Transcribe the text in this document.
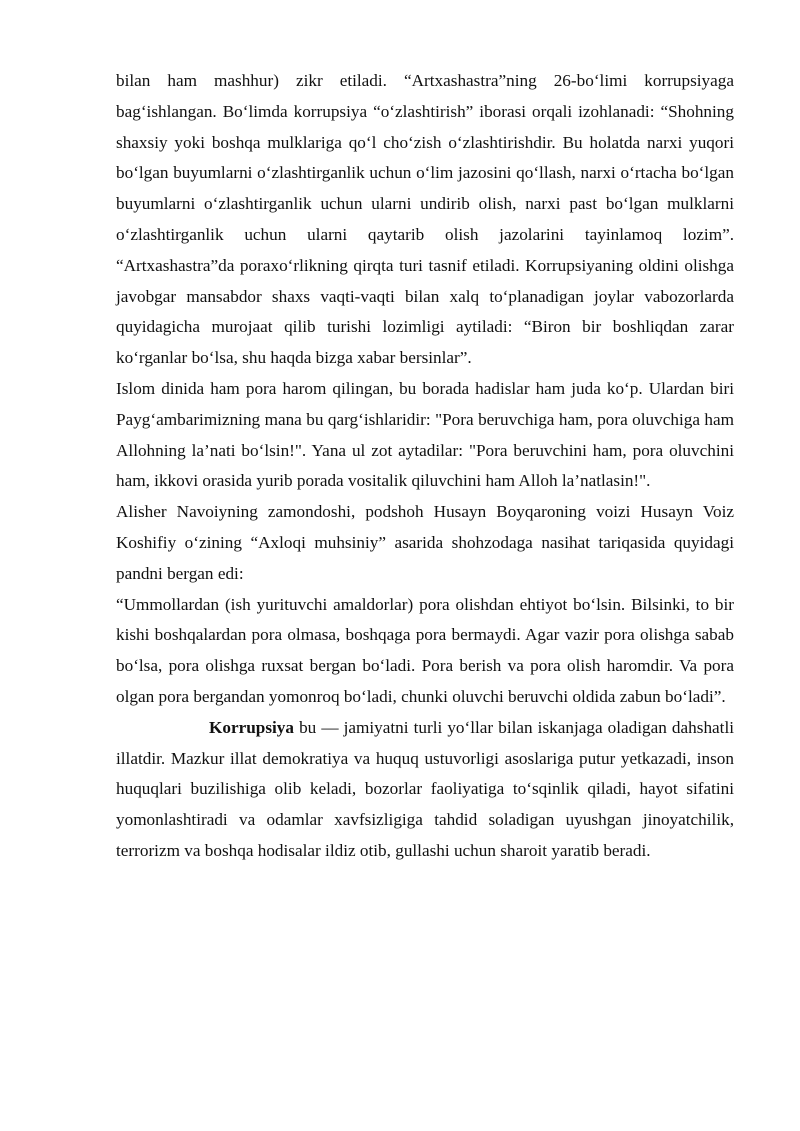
bilan ham mashhur) zikr etiladi. “Artxashastra”ning 26-bo‘limi korrupsiyaga bag‘ishlangan. Bo‘limda korrupsiya “o‘zlashtirish” iborasi orqali izohlanadi: “Shohning shaxsiy yoki boshqa mulklariga qo‘l cho‘zish o‘zlashtirishdir. Bu holatda narxi yuqori bo‘lgan buyumlarni o‘zlashtirganlik uchun o‘lim jazosini qo‘llash, narxi o‘rtacha bo‘lgan buyumlarni o‘zlashtirganlik uchun ularni undirib olish, narxi past bo‘lgan mulklarni o‘zlashtirganlik uchun ularni qaytarib olish jazolarini tayinlamoq lozim”. “Artxashastra”da poraxo‘rlikning qirqta turi tasnif etiladi. Korrupsiyaning oldini olishga javobgar mansabdor shaxs vaqti-vaqti bilan xalq to‘planadigan joylar vabozorlarda quyidagicha murojaat qilib turishi lozimligi aytiladi: “Biron bir boshliqdan zarar ko‘rganlar bo‘lsa, shu haqda bizga xabar bersinlar”.

Islom dinida ham pora harom qilingan, bu borada hadislar ham juda ko‘p. Ulardan biri Payg‘ambarimizning mana bu qarg‘ishlaridir: "Pora beruvchiga ham, pora oluvchiga ham Allohning la’nati bo‘lsin!". Yana ul zot aytadilar: "Pora beruvchini ham, pora oluvchini ham, ikkovi orasida yurib porada vositalik qiluvchini ham Alloh la’natlasin!".

Alisher Navoiyning zamondoshi, podshoh Husayn Boyqaroning voizi Husayn Voiz Koshifiy o‘zining “Axloqi muhsiniy” asarida shohzodaga nasihat tariqasida quyidagi pandni bergan edi:

“Ummollardan (ish yurituvchi amaldorlar) pora olishdan ehtiyot bo‘lsin. Bilsinki, to bir kishi boshqalardan pora olmasa, boshqaga pora bermaydi. Agar vazir pora olishga sabab bo‘lsa, pora olishga ruxsat bergan bo‘ladi. Pora berish va pora olish haromdir. Va pora olgan pora bergandan yomonroq bo‘ladi, chunki oluvchi beruvchi oldida zabun bo‘ladi”.

Korrupsiya bu — jamiyatni turli yo‘llar bilan iskanjaga oladigan dahshatli illatdir. Mazkur illat demokratiya va huquq ustuvorligi asoslariga putur yetkazadi, inson huquqlari buzilishiga olib keladi, bozorlar faoliyatiga to‘sqinlik qiladi, hayot sifatini yomonlashtiradi va odamlar xavfsizligiga tahdid soladigan uyushgan jinoyatchilik, terrorizm va boshqa hodisalar ildiz otib, gullashi uchun sharoit yaratib beradi.
